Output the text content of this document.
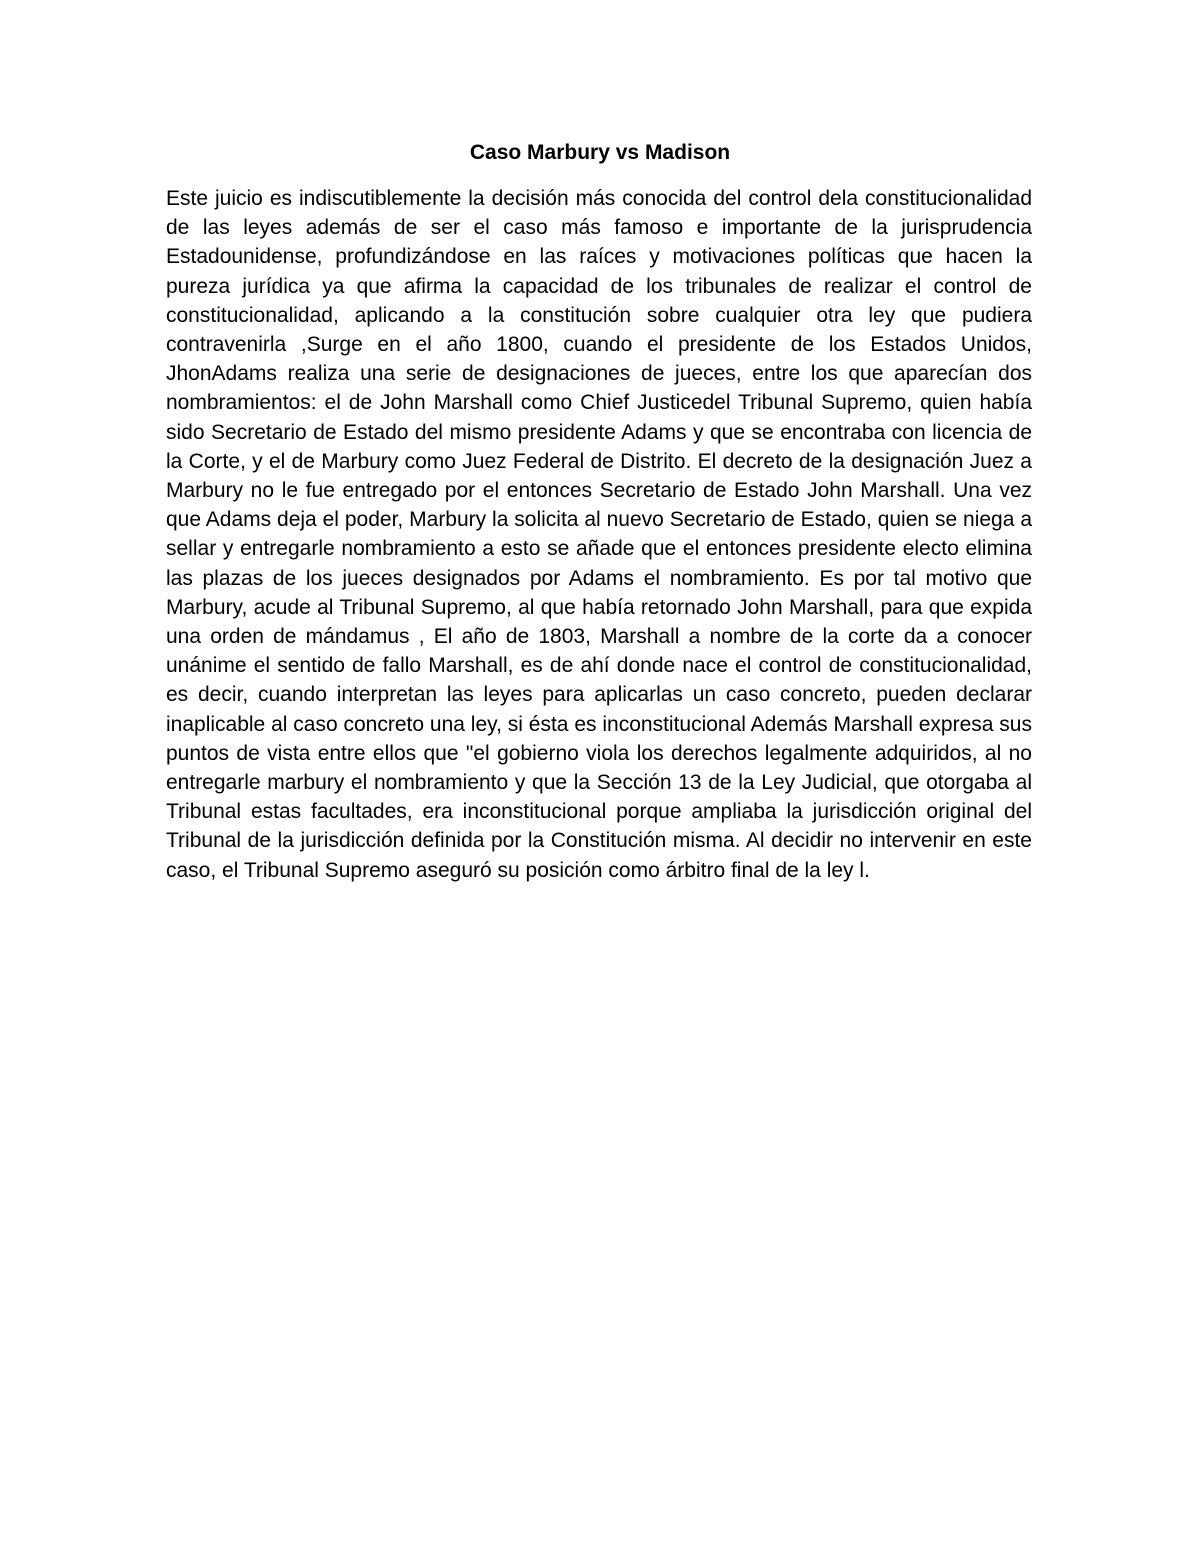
Caso Marbury vs Madison

Este juicio es indiscutiblemente la decisión más conocida del control dela constitucionalidad de las leyes además de ser el caso más famoso e importante de la jurisprudencia Estadounidense, profundizándose en las raíces y motivaciones políticas que hacen la pureza jurídica ya que afirma la capacidad de los tribunales de realizar el control de constitucionalidad, aplicando a la constitución sobre cualquier otra ley que pudiera contravenirla ,Surge en el año 1800, cuando el presidente de los Estados Unidos, JhonAdams realiza una serie de designaciones de jueces, entre los que aparecían dos nombramientos: el de John Marshall como Chief Justicedel Tribunal Supremo, quien había sido Secretario de Estado del mismo presidente Adams y que se encontraba con licencia de la Corte, y el de Marbury como Juez Federal de Distrito. El decreto de la designación Juez a Marbury no le fue entregado por el entonces Secretario de Estado John Marshall. Una vez que Adams deja el poder, Marbury la solicita al nuevo Secretario de Estado, quien se niega a sellar y entregarle nombramiento a esto se añade que el entonces presidente electo elimina las plazas de los jueces designados por Adams el nombramiento. Es por tal motivo que Marbury, acude al Tribunal Supremo, al que había retornado John Marshall, para que expida una orden de mándamus , El año de 1803, Marshall a nombre de la corte da a conocer unánime el sentido de fallo Marshall, es de ahí donde nace el control de constitucionalidad, es decir, cuando interpretan las leyes para aplicarlas un caso concreto, pueden declarar inaplicable al caso concreto una ley, si ésta es inconstitucional Además Marshall expresa sus puntos de vista entre ellos que "el gobierno viola los derechos legalmente adquiridos, al no entregarle marbury el nombramiento y que la Sección 13 de la Ley Judicial, que otorgaba al Tribunal estas facultades, era inconstitucional porque ampliaba la jurisdicción original del Tribunal de la jurisdicción definida por la Constitución misma. Al decidir no intervenir en este caso, el Tribunal Supremo aseguró su posición como árbitro final de la ley l.
